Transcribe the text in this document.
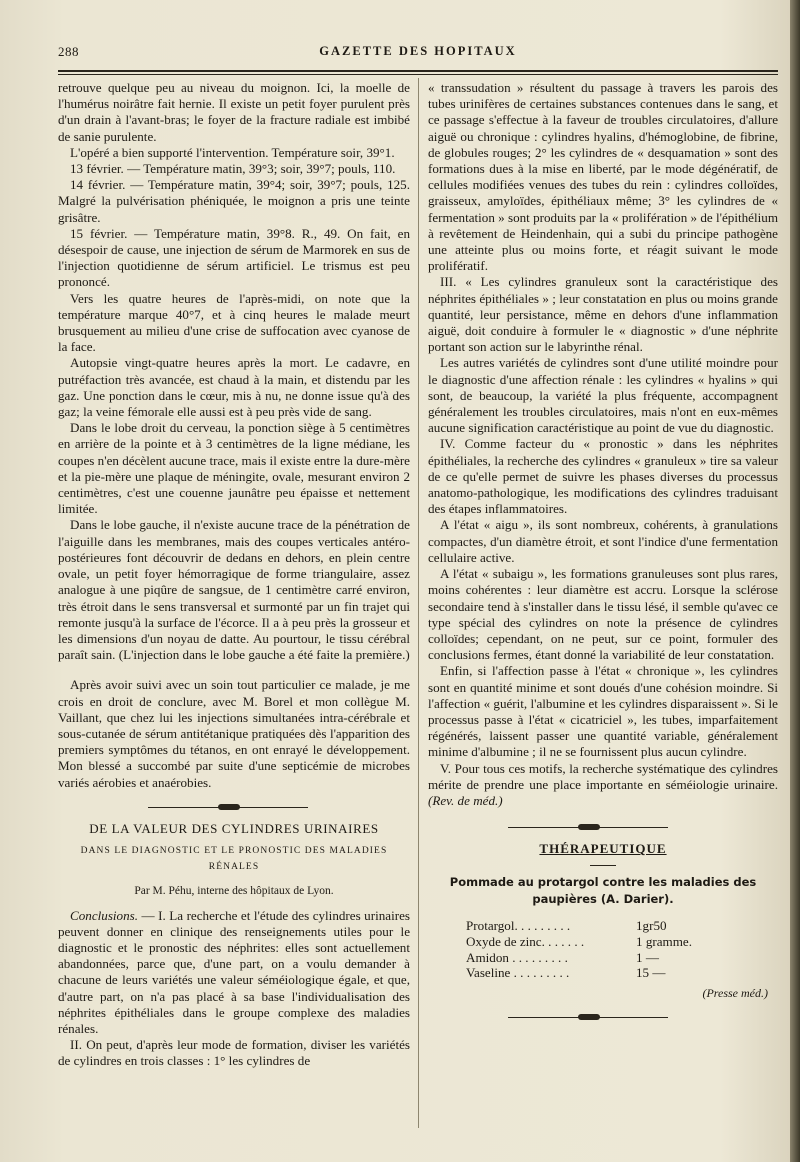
288	GAZETTE DES HOPITAUX

retrouve quelque peu au niveau du moignon. Ici, la moelle de l'humérus noirâtre fait hernie. Il existe un petit foyer purulent près d'un drain à l'avant-bras; le foyer de la fracture radiale est imbibé de sanie purulente.

L'opéré a bien supporté l'intervention. Température soir, 39°1.

13 février. — Température matin, 39°3; soir, 39°7; pouls, 110.

14 février. — Température matin, 39°4; soir, 39°7; pouls, 125. Malgré la pulvérisation phéniquée, le moignon a pris une teinte grisâtre.

15 février. — Température matin, 39°8. R., 49. On fait, en désespoir de cause, une injection de sérum de Marmorek en sus de l'injection quotidienne de sérum artificiel. Le trismus est peu prononcé.

Vers les quatre heures de l'après-midi, on note que la température marque 40°7, et à cinq heures le malade meurt brusquement au milieu d'une crise de suffocation avec cyanose de la face.

Autopsie vingt-quatre heures après la mort. Le cadavre, en putréfaction très avancée, est chaud à la main, et distendu par les gaz. Une ponction dans le cœur, mis à nu, ne donne issue qu'à des gaz; la veine fémorale elle aussi est à peu près vide de sang.

Dans le lobe droit du cerveau, la ponction siège à 5 centimètres en arrière de la pointe et à 3 centimètres de la ligne médiane, les coupes n'en décèlent aucune trace, mais il existe entre la dure-mère et la pie-mère une plaque de méningite, ovale, mesurant environ 2 centimètres, c'est une couenne jaunâtre peu épaisse et nettement limitée.

Dans le lobe gauche, il n'existe aucune trace de la pénétration de l'aiguille dans les membranes, mais des coupes verticales antéro-postérieures font découvrir de dedans en dehors, en plein centre ovale, un petit foyer hémorragique de forme triangulaire, assez analogue à une piqûre de sangsue, de 1 centimètre carré environ, très étroit dans le sens transversal et surmonté par un fin trajet qui remonte jusqu'à la surface de l'écorce. Il a à peu près la grosseur et les dimensions d'un noyau de datte. Au pourtour, le tissu cérébral paraît sain. (L'injection dans le lobe gauche a été faite la première.)

Après avoir suivi avec un soin tout particulier ce malade, je me crois en droit de conclure, avec M. Borel et mon collègue M. Vaillant, que chez lui les injections simultanées intra-cérébrale et sous-cutanée de sérum antitétanique pratiquées dès l'apparition des premiers symptômes du tétanos, en ont enrayé le développement. Mon blessé a succombé par suite d'une septicémie de microbes variés aérobies et anaérobies.

DE LA VALEUR DES CYLINDRES URINAIRES
DANS LE DIAGNOSTIC ET LE PRONOSTIC DES MALADIES RÉNALES
Par M. Péhu, interne des hôpitaux de Lyon.

Conclusions. — I. La recherche et l'étude des cylindres urinaires peuvent donner en clinique des renseignements utiles pour le diagnostic et le pronostic des néphrites: elles sont actuellement abandonnées, parce que, d'une part, on a voulu demander à chacune de leurs variétés une valeur séméiologique égale, et que, d'autre part, on n'a pas placé à sa base l'individualisation des néphrites épithéliales dans le groupe complexe des maladies rénales.

II. On peut, d'après leur mode de formation, diviser les variétés de cylindres en trois classes : 1° les cylindres de

« transsudation » résultent du passage à travers les parois des tubes urinifères de certaines substances contenues dans le sang, et ce passage s'effectue à la faveur de troubles circulatoires, d'allure aiguë ou chronique : cylindres hyalins, d'hémoglobine, de fibrine, de globules rouges; 2° les cylindres de « desquamation » sont des formations dues à la mise en liberté, par le mode dégénératif, de cellules modifiées venues des tubes du rein : cylindres colloïdes, graisseux, amyloïdes, épithéliaux même; 3° les cylindres de « fermentation » sont produits par la « prolifération » de l'épithélium à revêtement de Heindenhain, qui a subi du principe pathogène une atteinte plus ou moins forte, et réagit suivant le mode prolifératif.

III. « Les cylindres granuleux sont la caractéristique des néphrites épithéliales » ; leur constatation en plus ou moins grande quantité, leur persistance, même en dehors d'une inflammation aiguë, doit conduire à formuler le « diagnostic » d'une néphrite portant son action sur le labyrinthe rénal.

Les autres variétés de cylindres sont d'une utilité moindre pour le diagnostic d'une affection rénale : les cylindres « hyalins » qui sont, de beaucoup, la variété la plus fréquente, accompagnent généralement les troubles circulatoires, mais n'ont en eux-mêmes aucune signification caractéristique au point de vue du diagnostic.

IV. Comme facteur du « pronostic » dans les néphrites épithéliales, la recherche des cylindres « granuleux » tire sa valeur de ce qu'elle permet de suivre les phases diverses du processus anatomo-pathologique, les modifications des cylindres traduisant des étapes inflammatoires.

A l'état « aigu », ils sont nombreux, cohérents, à granulations compactes, d'un diamètre étroit, et sont l'indice d'une fermentation cellulaire active.

A l'état « subaigu », les formations granuleuses sont plus rares, moins cohérentes : leur diamètre est accru. Lorsque la sclérose secondaire tend à s'installer dans le tissu lésé, il semble qu'avec ce type spécial des cylindres on note la présence de cylindres colloïdes; cependant, on ne peut, sur ce point, formuler des conclusions fermes, étant donné la variabilité de leur constatation.

Enfin, si l'affection passe à l'état « chronique », les cylindres sont en quantité minime et sont doués d'une cohésion moindre. Si l'affection « guérit, l'albumine et les cylindres disparaissent ». Si le processus passe à l'état « cicatriciel », les tubes, imparfaitement régénérés, laissent passer une quantité variable, généralement minime d'albumine ; il ne se fournissent plus aucun cylindre.

V. Pour tous ces motifs, la recherche systématique des cylindres mérite de prendre une place importante en séméiologie urinaire. (Rev. de méd.)

THÉRAPEUTIQUE
Pommade au protargol contre les maladies des paupières (A. Darier).
Protargol. . . . . . . . .	1gr50
Oxyde de zinc. . . . . . .	1 gramme.
Amidon . . . . . . . . .	1 —
Vaseline . . . . . . . . .	15 —
(Presse méd.)
